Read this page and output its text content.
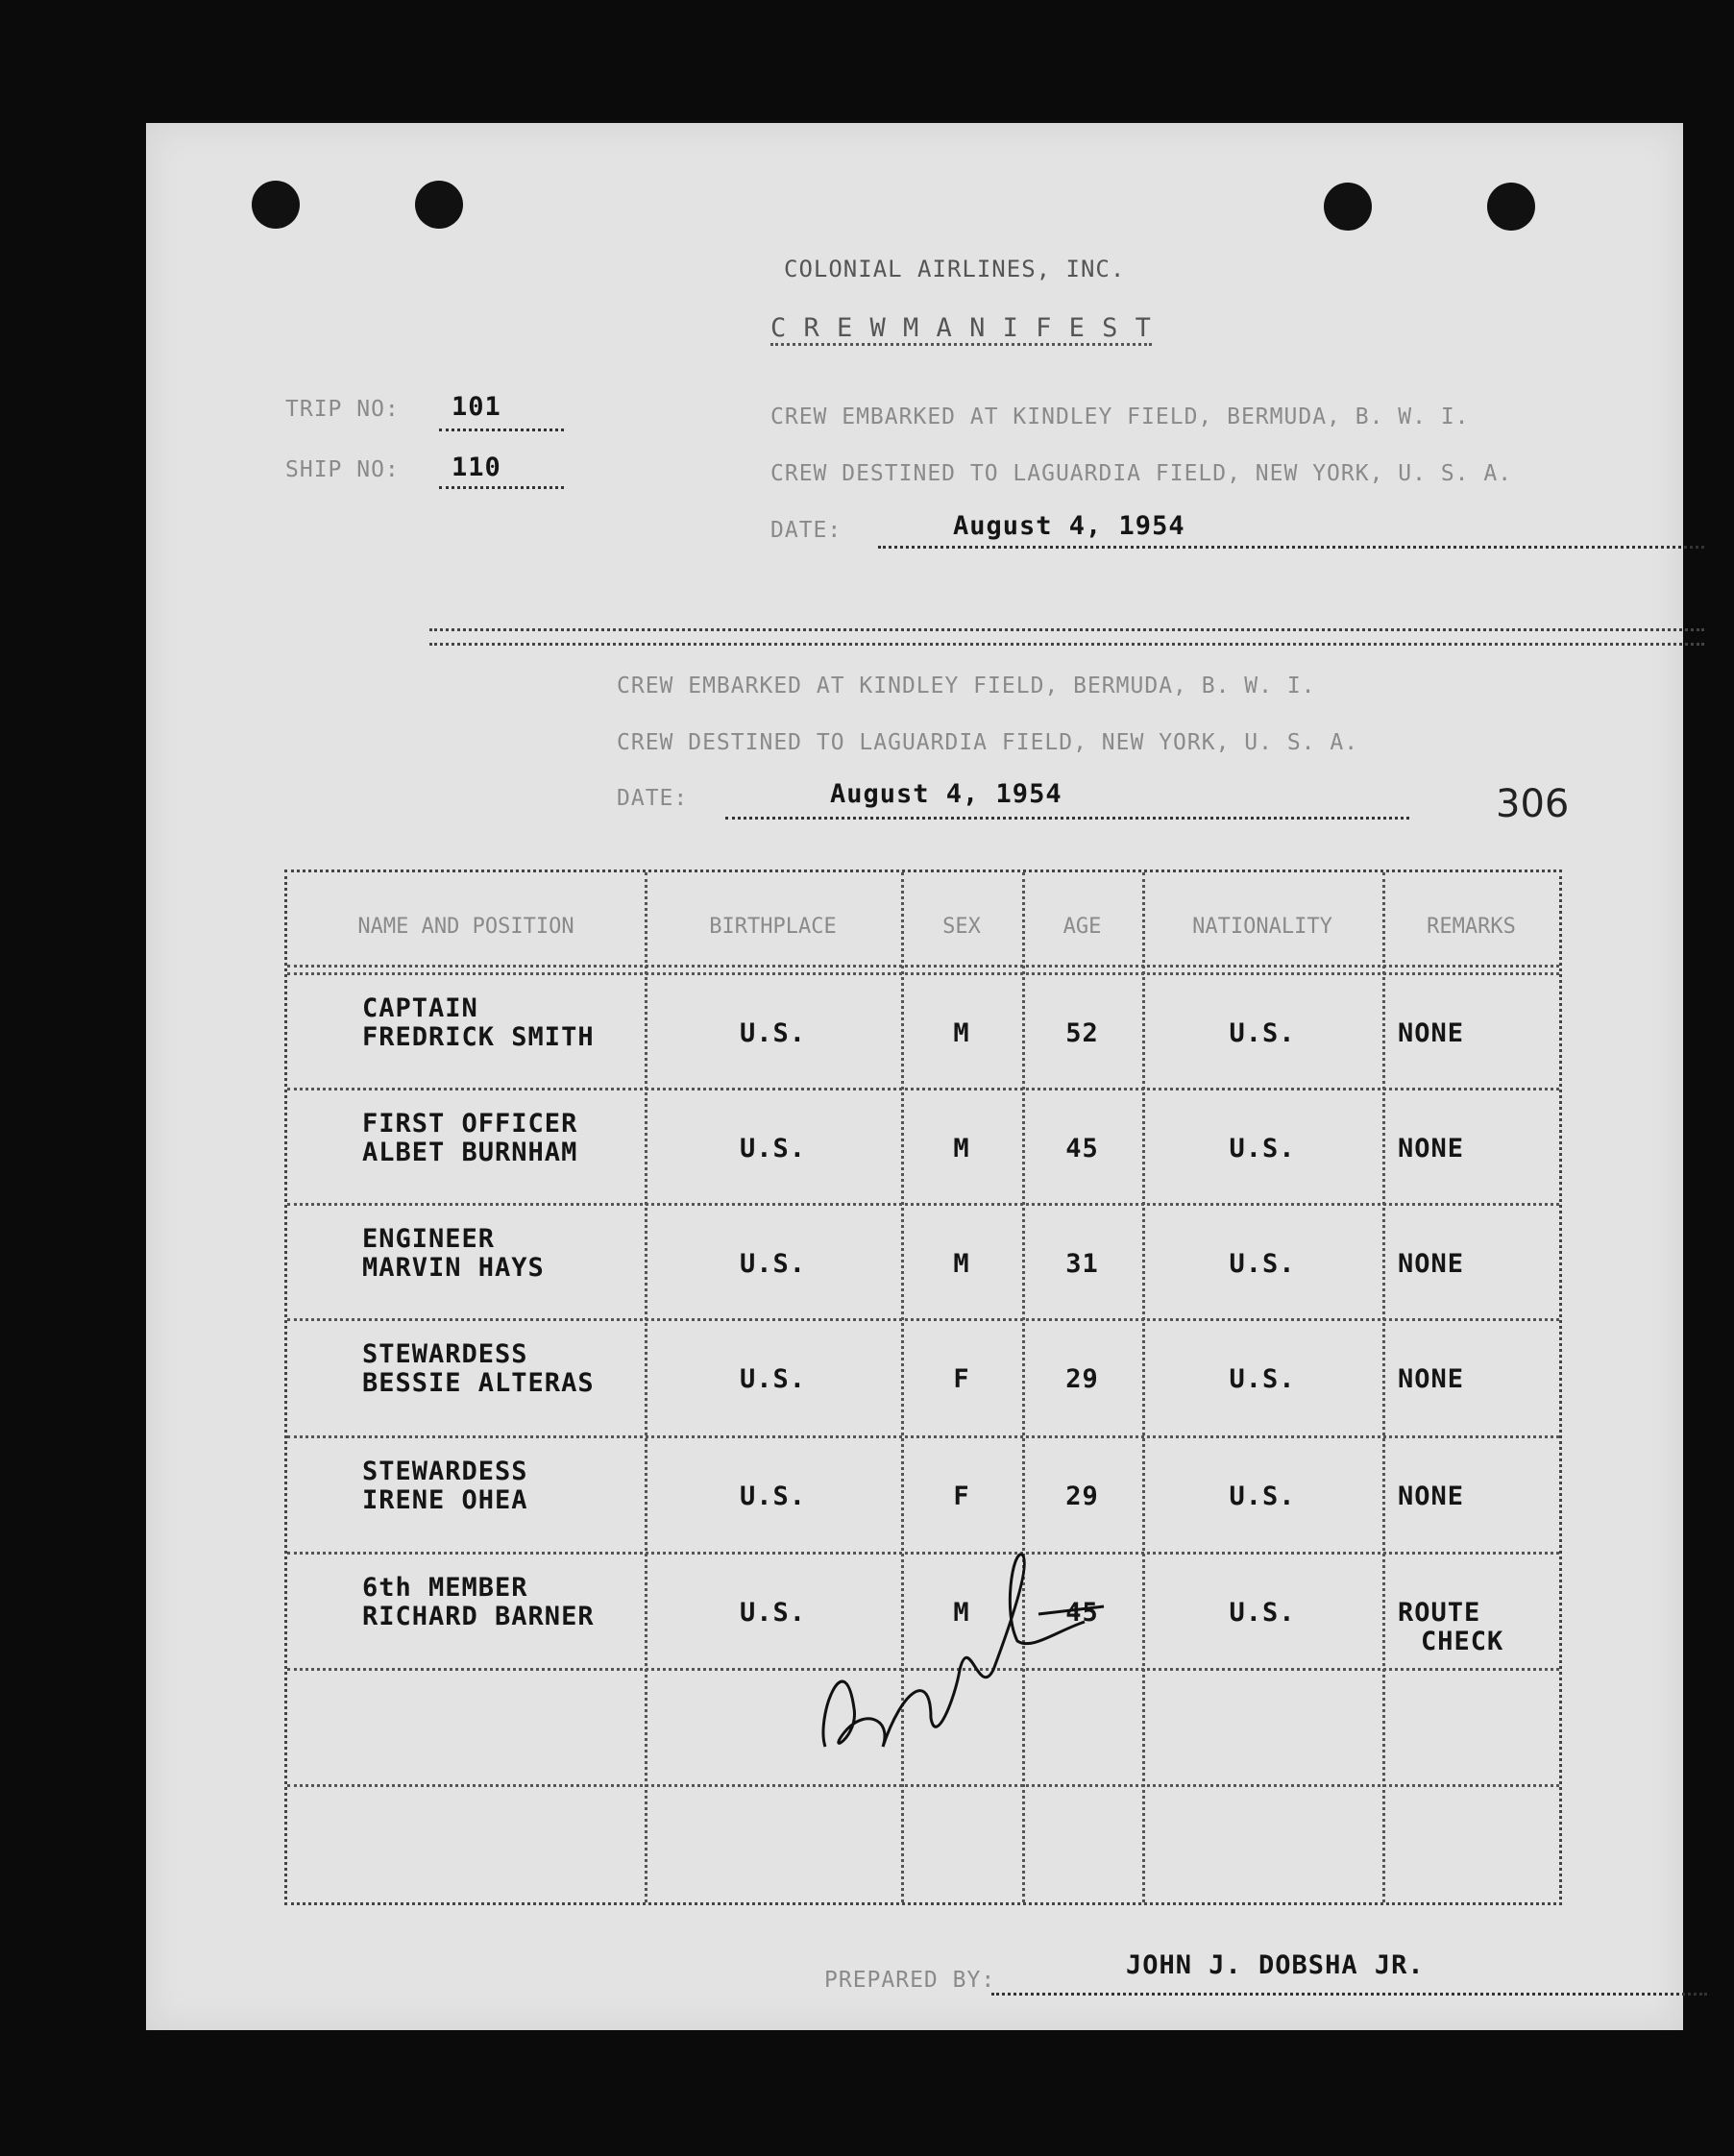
COLONIAL AIRLINES, INC.
C R E W M A N I F E S T
TRIP NO: 101
SHIP NO: 110
CREW EMBARKED AT KINDLEY FIELD, BERMUDA, B. W. I.
CREW DESTINED TO LAGUARDIA FIELD, NEW YORK, U. S. A.
DATE:	August 4, 1954
CREW EMBARKED AT KINDLEY FIELD, BERMUDA, B. W. I.
CREW DESTINED TO LAGUARDIA FIELD, NEW YORK, U. S. A.
DATE:	August 4, 1954	306
NAME AND POSITION	BIRTHPLACE	SEX	AGE	NATIONALITY	REMARKS
CAPTAIN
FREDRICK SMITH	U.S.	M	52	U.S.	NONE
FIRST OFFICER
ALBET BURNHAM	U.S.	M	45	U.S.	NONE
ENGINEER
MARVIN HAYS	U.S.	M	31	U.S.	NONE
STEWARDESS
BESSIE ALTERAS	U.S.	F	29	U.S.	NONE
STEWARDESS
IRENE OHEA	U.S.	F	29	U.S.	NONE
6th MEMBER
RICHARD BARNER	U.S.	M	45	U.S.	ROUTE
CHECK
PREPARED BY:	JOHN J. DOBSHA JR.
